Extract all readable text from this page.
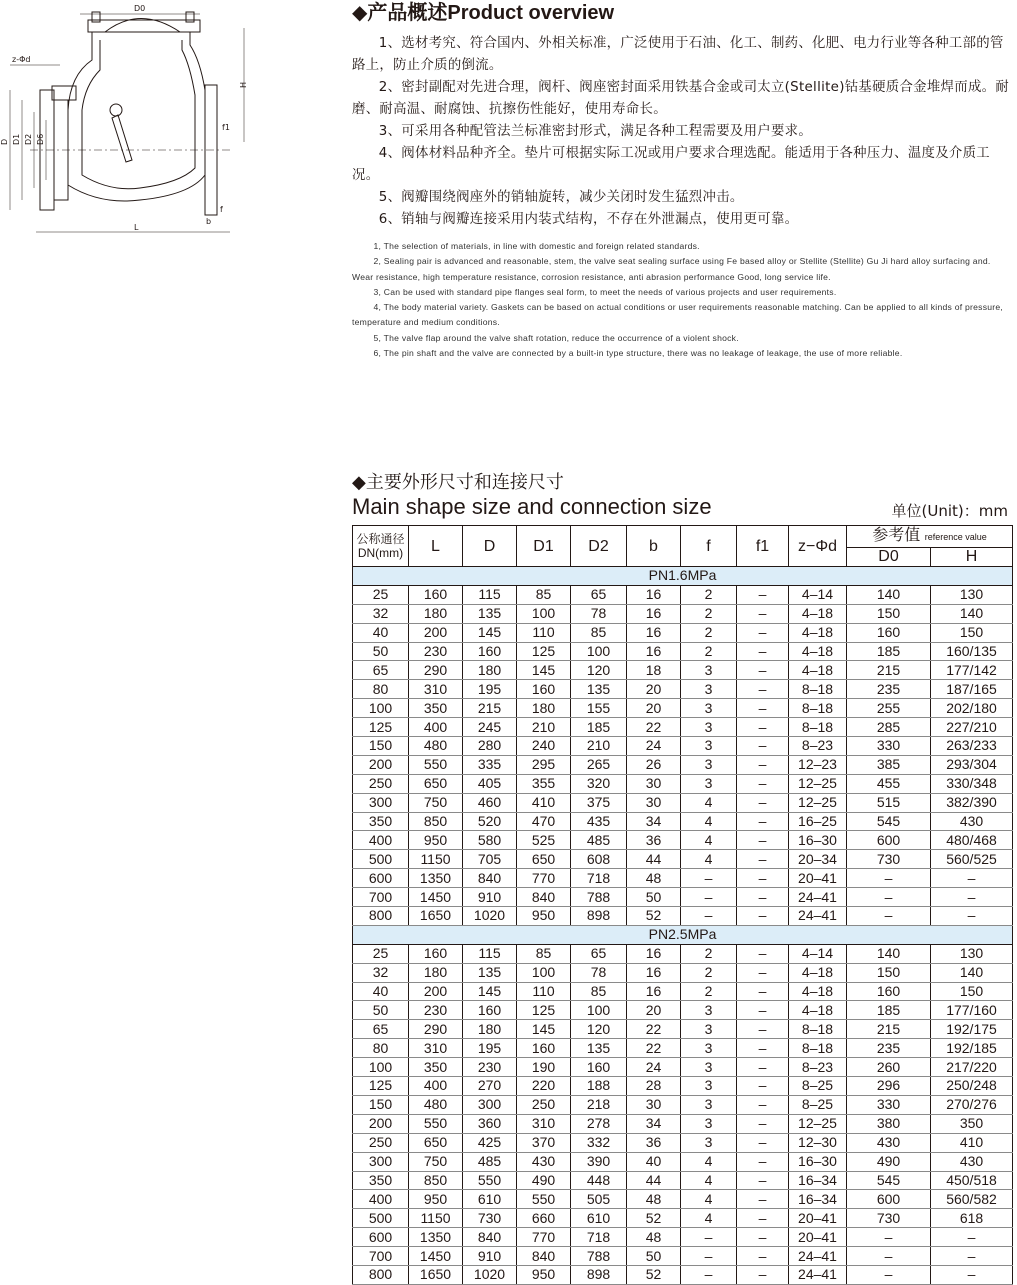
D0
H
z-Φd
f1
D D1 D2 D6
f
b
L
◆产品概述Product overview

1、选材考究、符合国内、外相关标准，广泛使用于石油、化工、制药、化肥、电力行业等各种工部的管路上，防止介质的倒流。

2、密封副配对先进合理，阀杆、阀座密封面采用铁基合金或司太立(Stellite)钴基硬质合金堆焊而成。耐磨、耐高温、耐腐蚀、抗擦伤性能好，使用寿命长。

3、可采用各种配管法兰标准密封形式，满足各种工程需要及用户要求。

4、阀体材料品种齐全。垫片可根据实际工况或用户要求合理选配。能适用于各种压力、温度及介质工况。

5、阀瓣围绕阀座外的销轴旋转，减少关闭时发生猛烈冲击。

6、销轴与阀瓣连接采用内装式结构，不存在外泄漏点，使用更可靠。

1, The selection of materials, in line with domestic and foreign related standards.

2, Sealing pair is advanced and reasonable, stem, the valve seat sealing surface using Fe based alloy or Stellite (Stellite) Gu Ji hard alloy surfacing and. Wear resistance, high temperature resistance, corrosion resistance, anti abrasion performance Good, long service life.

3, Can be used with standard pipe flanges seal form, to meet the needs of various projects and user requirements.

4, The body material variety. Gaskets can be based on actual conditions or user requirements reasonable matching. Can be applied to all kinds of pressure, temperature and medium conditions.

5, The valve flap around the valve shaft rotation, reduce the occurrence of a violent shock.

6, The pin shaft and the valve are connected by a built-in type structure, there was no leakage of leakage, the use of more reliable.

◆主要外形尺寸和连接尺寸

Main shape size and connection size	单位(Unit)：mm
公称通径
DN(mm)	L	D	D1	D2	b	f	f1	z−Φd	参考值 reference value	
									D0	H
PN1.6MPa										
25	160	115	85	65	16	2	–	4–14	140	130
32	180	135	100	78	16	2	–	4–18	150	140
40	200	145	110	85	16	2	–	4–18	160	150
50	230	160	125	100	16	2	–	4–18	185	160/135
65	290	180	145	120	18	3	–	4–18	215	177/142
80	310	195	160	135	20	3	–	8–18	235	187/165
100	350	215	180	155	20	3	–	8–18	255	202/180
125	400	245	210	185	22	3	–	8–18	285	227/210
150	480	280	240	210	24	3	–	8–23	330	263/233
200	550	335	295	265	26	3	–	12–23	385	293/304
250	650	405	355	320	30	3	–	12–25	455	330/348
300	750	460	410	375	30	4	–	12–25	515	382/390
350	850	520	470	435	34	4	–	16–25	545	430
400	950	580	525	485	36	4	–	16–30	600	480/468
500	1150	705	650	608	44	4	–	20–34	730	560/525
600	1350	840	770	718	48	–	–	20–41	–	–
700	1450	910	840	788	50	–	–	24–41	–	–
800	1650	1020	950	898	52	–	–	24–41	–	–
PN2.5MPa										
25	160	115	85	65	16	2	–	4–14	140	130
32	180	135	100	78	16	2	–	4–18	150	140
40	200	145	110	85	16	2	–	4–18	160	150
50	230	160	125	100	20	3	–	4–18	185	177/160
65	290	180	145	120	22	3	–	8–18	215	192/175
80	310	195	160	135	22	3	–	8–18	235	192/185
100	350	230	190	160	24	3	–	8–23	260	217/220
125	400	270	220	188	28	3	–	8–25	296	250/248
150	480	300	250	218	30	3	–	8–25	330	270/276
200	550	360	310	278	34	3	–	12–25	380	350
250	650	425	370	332	36	3	–	12–30	430	410
300	750	485	430	390	40	4	–	16–30	490	430
350	850	550	490	448	44	4	–	16–34	545	450/518
400	950	610	550	505	48	4	–	16–34	600	560/582
500	1150	730	660	610	52	4	–	20–41	730	618
600	1350	840	770	718	48	–	–	20–41	–	–
700	1450	910	840	788	50	–	–	24–41	–	–
800	1650	1020	950	898	52	–	–	24–41	–	–
